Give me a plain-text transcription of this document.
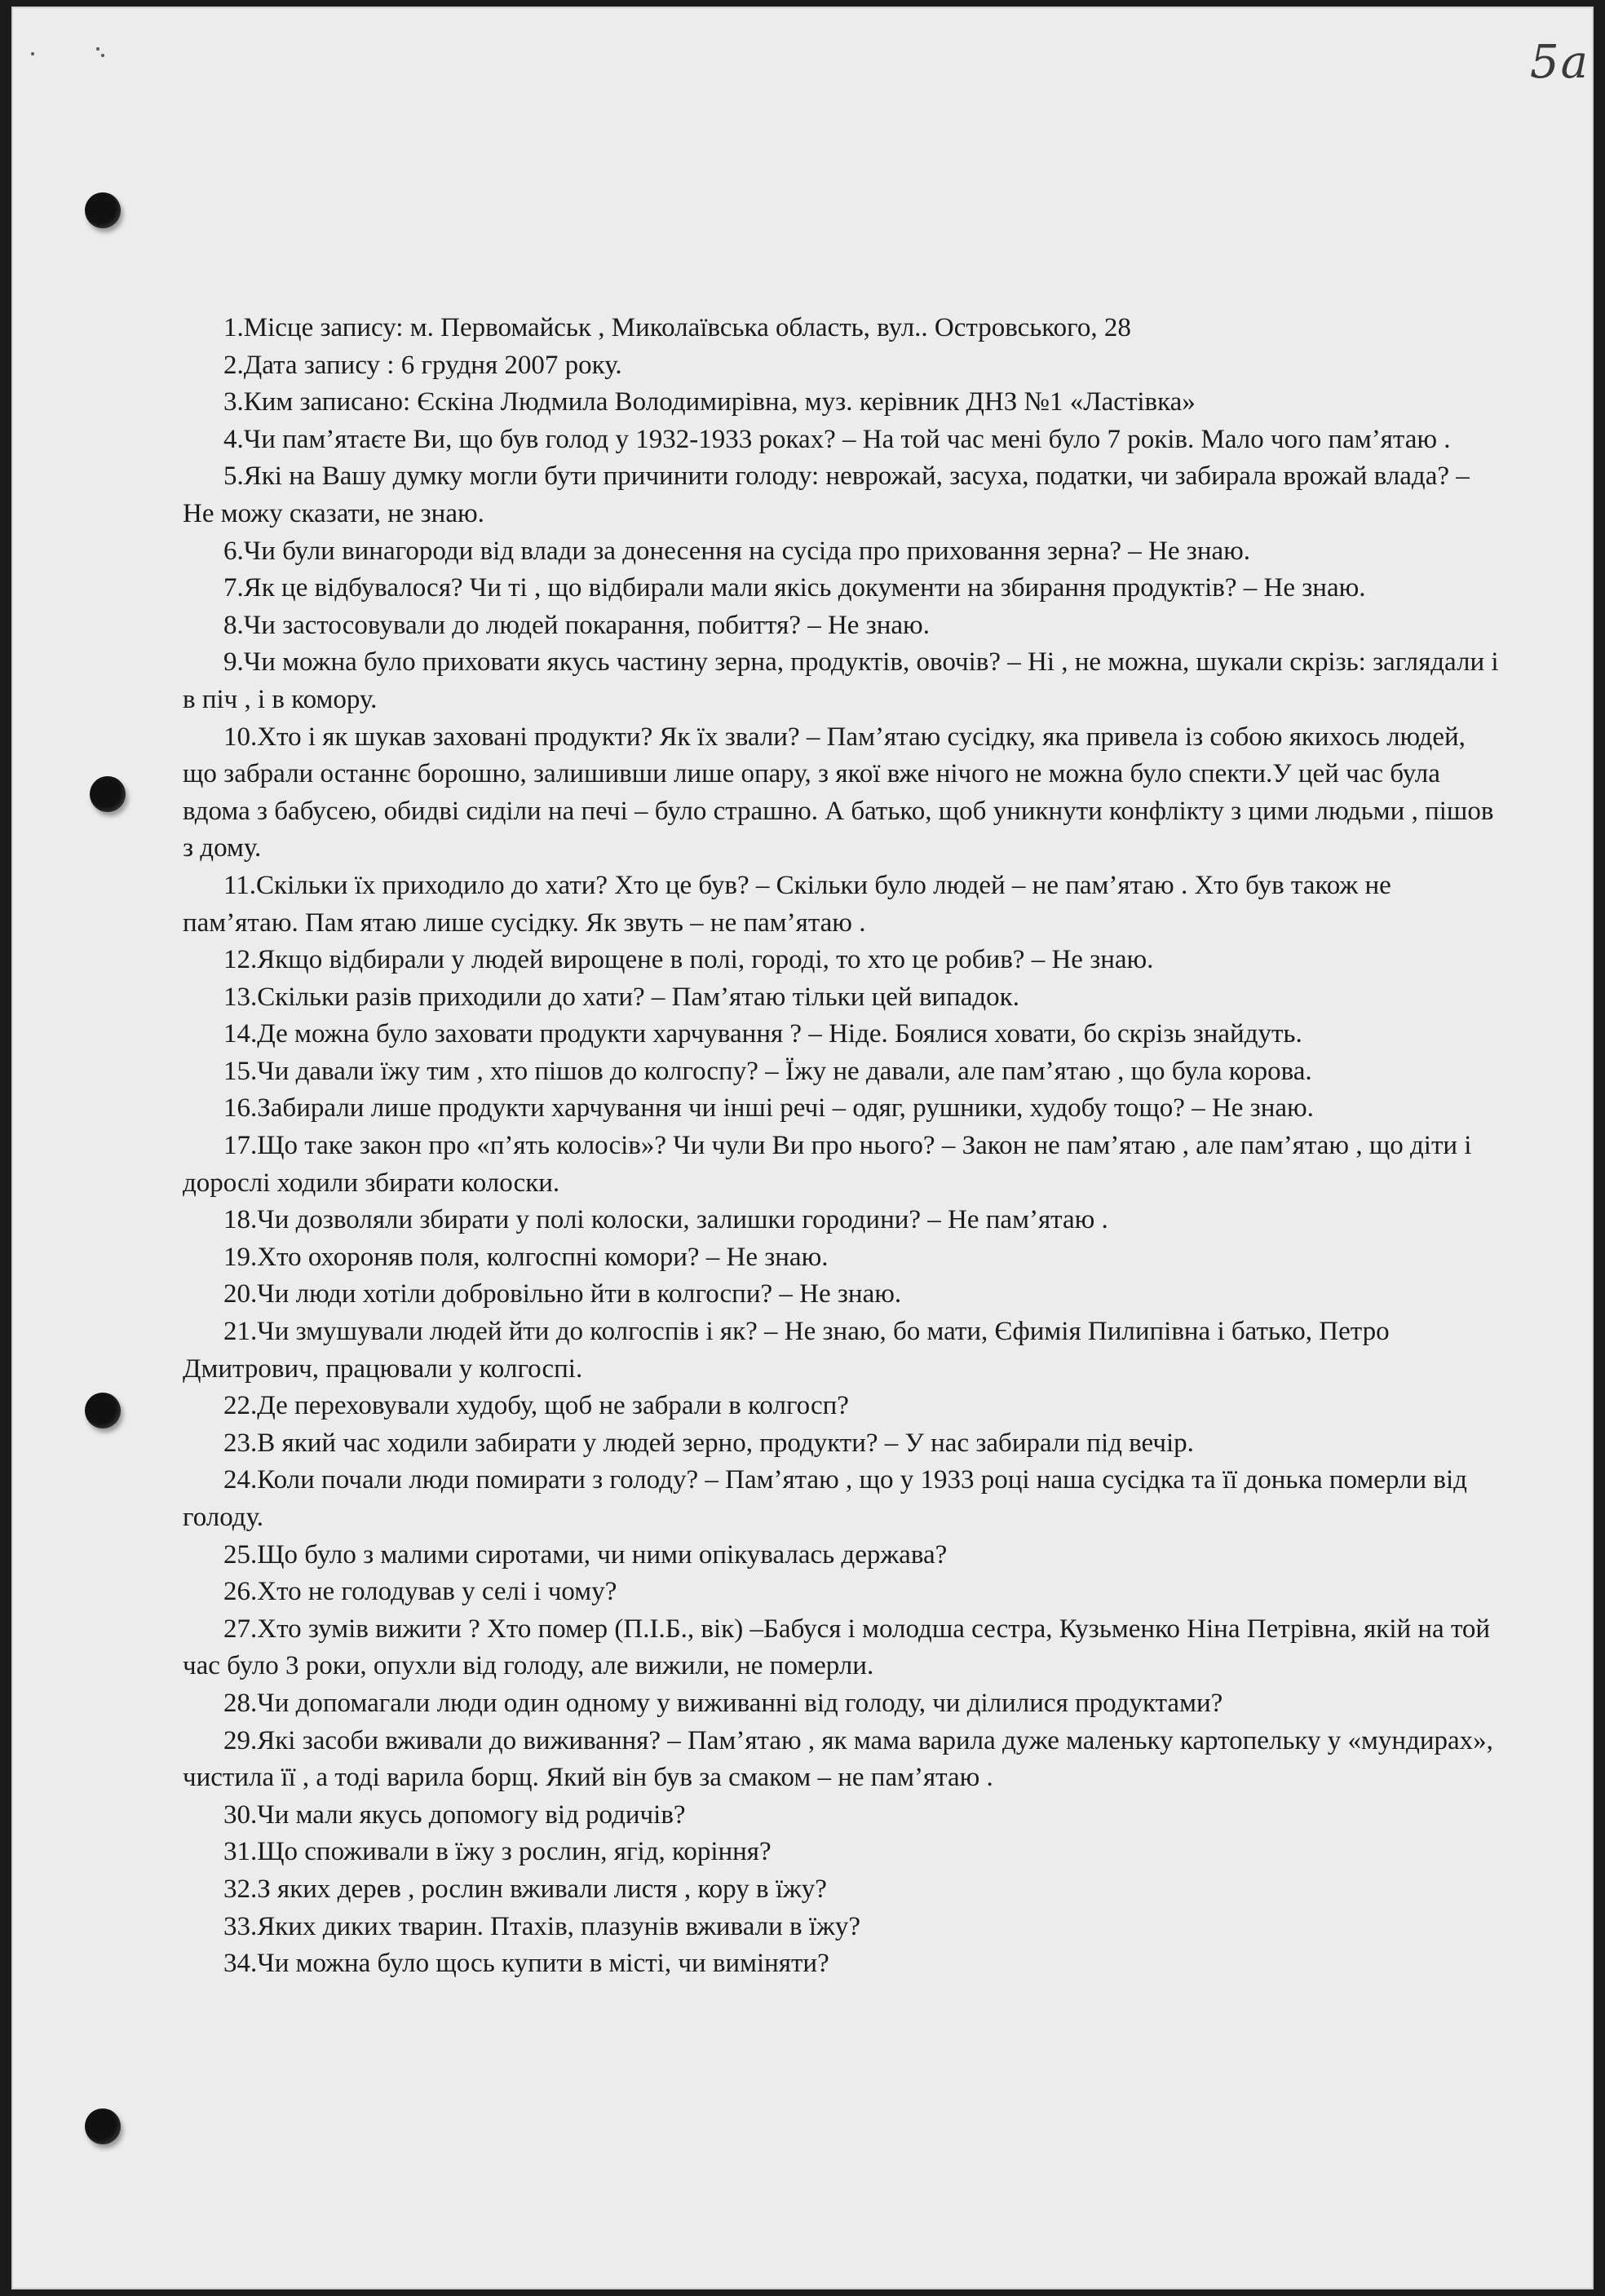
5а

1.Місце запису: м. Первомайськ , Миколаївська область, вул.. Островського, 28

2.Дата запису : 6 грудня 2007 року.

3.Ким записано: Єскіна Людмила Володимирівна, муз. керівник ДНЗ №1 «Ластівка»

4.Чи пам’ятаєте Ви, що був голод у 1932-1933 роках? – На той час мені було 7 років. Мало чого пам’ятаю .

5.Які на Вашу думку могли бути причинити голоду: неврожай, засуха, податки, чи забирала врожай влада? – Не можу сказати, не знаю.

6.Чи були винагороди від влади за донесення на сусіда про приховання зерна? – Не знаю.

7.Як це відбувалося? Чи ті , що відбирали мали якісь документи на збирання продуктів? – Не знаю.

8.Чи застосовували до людей покарання, побиття? – Не знаю.

9.Чи можна було приховати якусь частину зерна, продуктів, овочів? – Ні , не можна, шукали скрізь: заглядали і в піч , і в комору.

10.Хто і як шукав заховані продукти? Як їх звали? – Пам’ятаю сусідку, яка привела із собою якихось людей, що забрали останнє борошно, залишивши лише опару, з якої вже нічого не можна було спекти.У цей час була вдома з бабусею, обидві сиділи на печі – було страшно. А батько, щоб уникнути конфлікту з цими людьми , пішов з дому.

11.Скільки їх приходило до хати? Хто це був? – Скільки було людей – не пам’ятаю . Хто був також не пам’ятаю. Пам ятаю лише сусідку. Як звуть – не пам’ятаю .

12.Якщо відбирали у людей вирощене в полі, городі, то хто це робив? – Не знаю.

13.Скільки разів приходили до хати? – Пам’ятаю тільки цей випадок.

14.Де можна було заховати продукти харчування ? – Ніде. Боялися ховати, бо скрізь знайдуть.

15.Чи давали їжу тим , хто пішов до колгоспу? – Їжу не давали, але пам’ятаю , що була корова.

16.Забирали лише продукти харчування чи інші речі – одяг, рушники, худобу тощо? – Не знаю.

17.Що таке закон про «п’ять колосів»? Чи чули Ви про нього? – Закон не пам’ятаю , але пам’ятаю , що діти і дорослі ходили збирати колоски.

18.Чи дозволяли збирати у полі колоски, залишки городини? – Не пам’ятаю .

19.Хто охороняв поля, колгоспні комори? – Не знаю.

20.Чи люди хотіли добровільно йти в колгоспи? – Не знаю.

21.Чи змушували людей йти до колгоспів і як? – Не знаю, бо мати, Єфимія Пилипівна і батько, Петро Дмитрович, працювали у колгоспі.

22.Де переховували худобу, щоб не забрали в колгосп?

23.В який час ходили забирати у людей зерно, продукти? – У нас забирали під вечір.

24.Коли почали люди помирати з голоду? – Пам’ятаю , що у 1933 році наша сусідка та її донька померли від голоду.

25.Що було з малими сиротами, чи ними опікувалась держава?

26.Хто не голодував у селі і чому?

27.Хто зумів вижити ? Хто помер (П.І.Б., вік) –Бабуся і молодша сестра, Кузьменко Ніна Петрівна, якій на той час було 3 роки, опухли від голоду, але вижили, не померли.

28.Чи допомагали люди один одному у виживанні від голоду, чи ділилися продуктами?

29.Які засоби вживали до виживання? – Пам’ятаю , як мама варила дуже маленьку картопельку у «мундирах», чистила її , а тоді варила борщ. Який він був за смаком – не пам’ятаю .

30.Чи мали якусь допомогу від родичів?

31.Що споживали в їжу з рослин, ягід, коріння?

32.З яких дерев , рослин вживали листя , кору в їжу?

33.Яких диких тварин. Птахів, плазунів вживали в їжу?

34.Чи можна було щось купити в місті, чи виміняти?
